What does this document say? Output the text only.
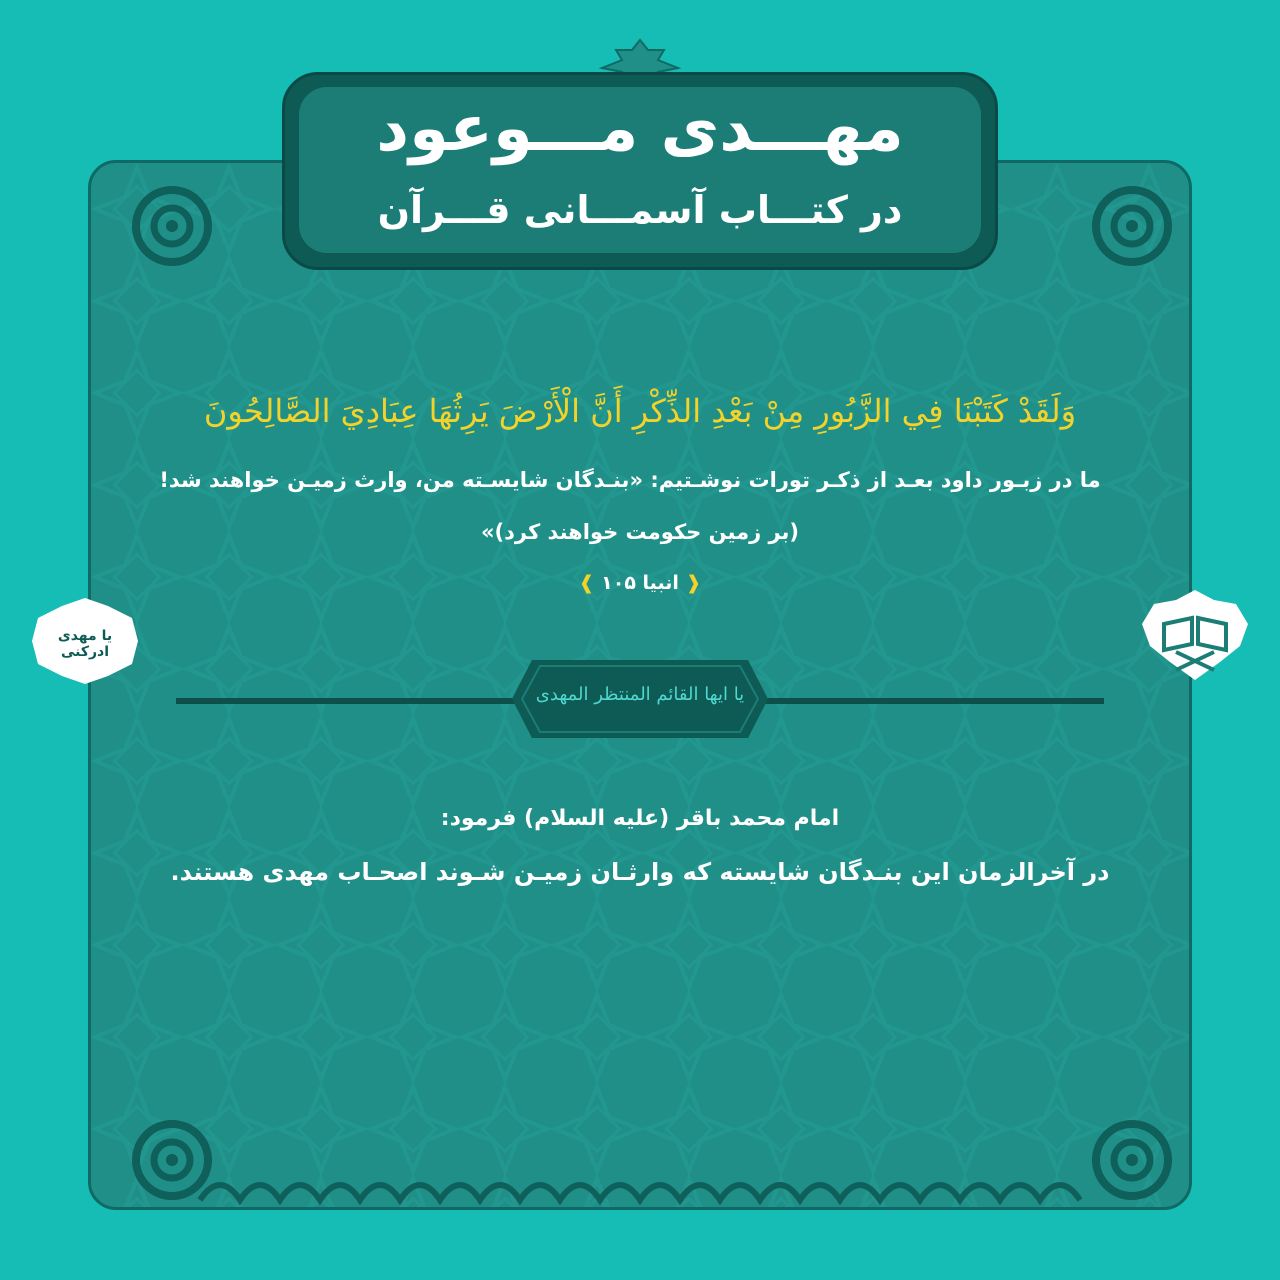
مهـــدی مـــوعود
در کتـــاب آسمـــانی قـــرآن
وَلَقَدْ كَتَبْنَا فِي الزَّبُورِ مِنْ بَعْدِ الذِّكْرِ أَنَّ الْأَرْضَ يَرِثُهَا عِبَادِيَ الصَّالِحُونَ
ما در زبـور داود بعـد از ذکـر تورات نوشـتیم: «بنـدگان شایسـته من، وارث زمیـن خواهند شد!
(بر زمین حکومت خواهند کرد)»
❰ انبیا ۱۰۵ ❱
یا ایها القائم المنتظر المهدی
امام محمد باقر (علیه السلام) فرمود:
در آخرالزمان این بنـدگان شایسته که وارثـان زمیـن شـوند اصحـاب مهدی هستند.
یا مهدی ادرکنی
